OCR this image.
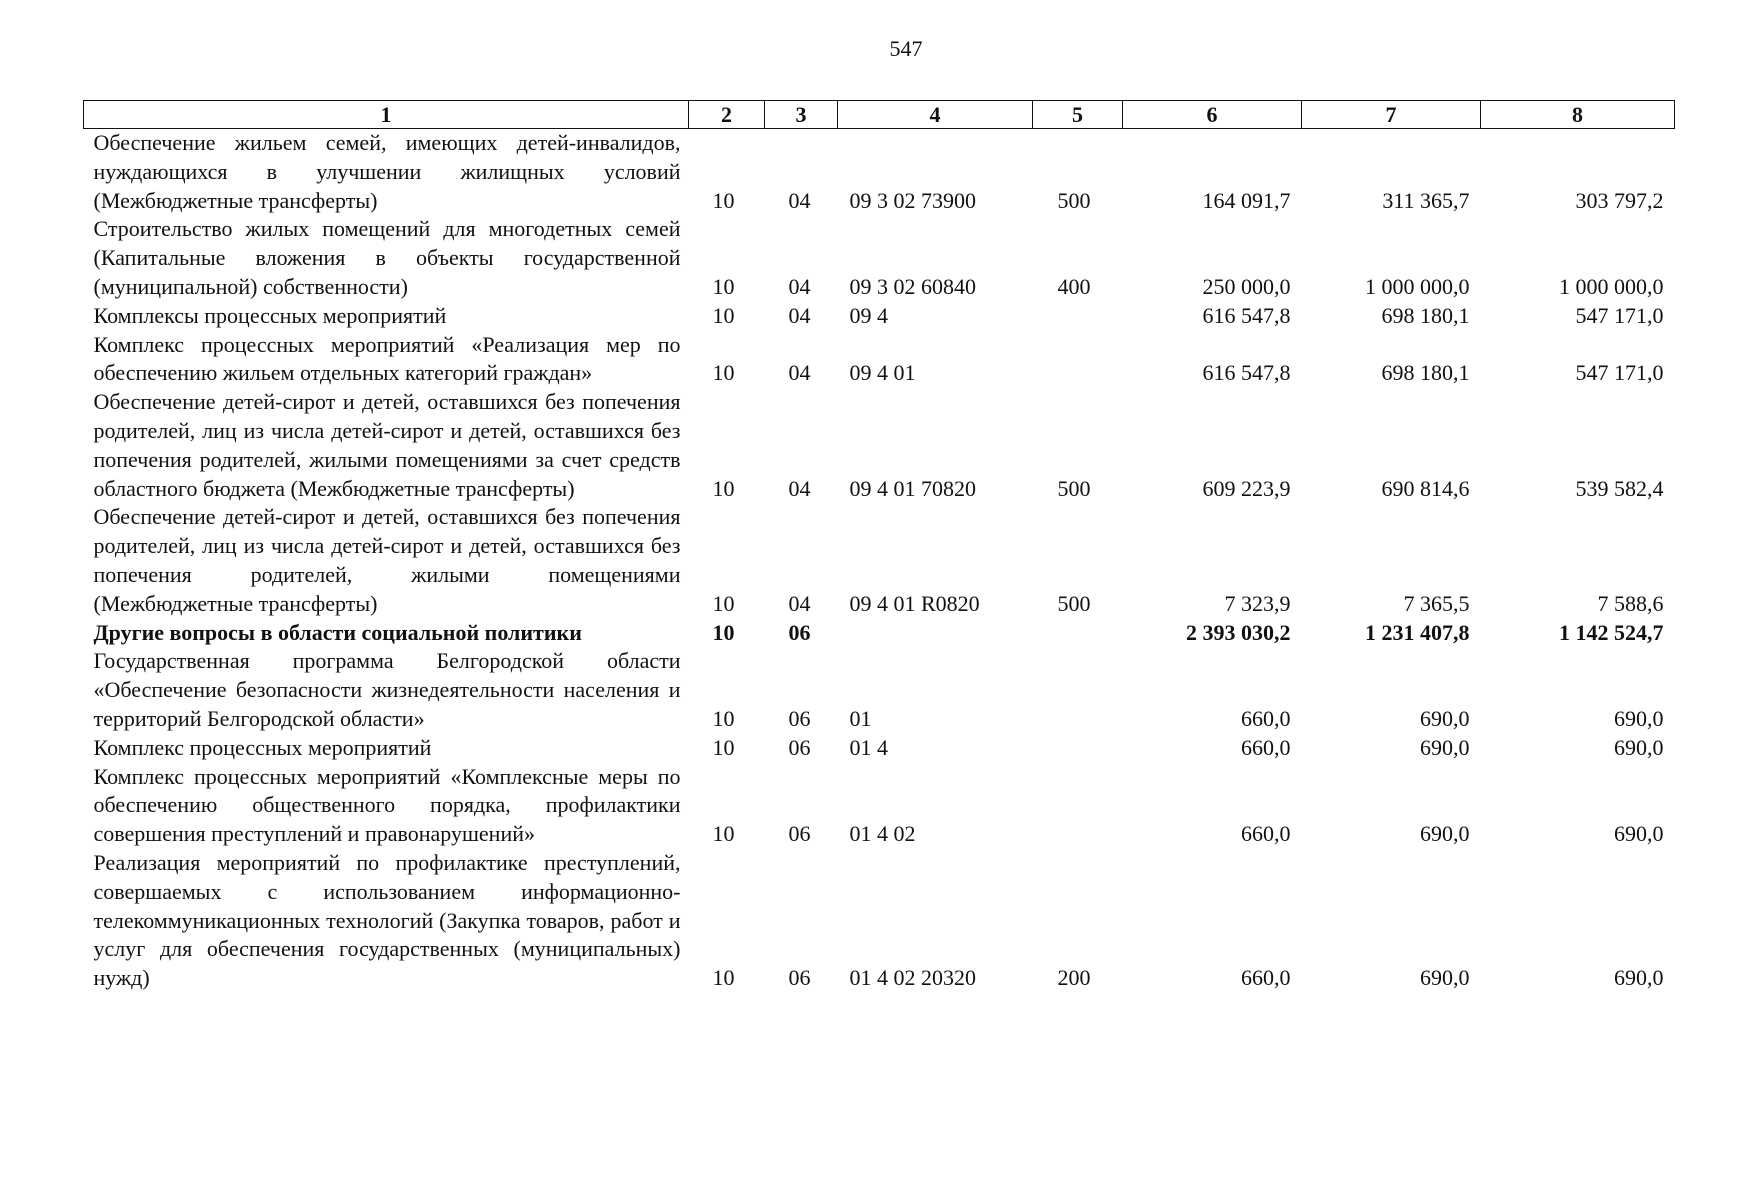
547
1	2	3	4	5	6	7	8
Обеспечение жильем семей, имеющих детей-инвалидов, нуждающихся в улучшении жилищных условий (Межбюджетные трансферты)	10	04	09 3 02 73900	500	164 091,7	311 365,7	303 797,2
Строительство жилых помещений для многодетных семей (Капитальные вложения в объекты государственной (муниципальной) собственности)	10	04	09 3 02 60840	400	250 000,0	1 000 000,0	1 000 000,0
Комплексы процессных мероприятий	10	04	09 4		616 547,8	698 180,1	547 171,0
Комплекс процессных мероприятий «Реализация мер по обеспечению жильем отдельных категорий граждан»	10	04	09 4 01		616 547,8	698 180,1	547 171,0
Обеспечение детей-сирот и детей, оставшихся без попечения родителей, лиц из числа детей-сирот и детей, оставшихся без попечения родителей, жилыми помещениями за счет средств областного бюджета (Межбюджетные трансферты)	10	04	09 4 01 70820	500	609 223,9	690 814,6	539 582,4
Обеспечение детей-сирот и детей, оставшихся без попечения родителей, лиц из числа детей-сирот и детей, оставшихся без попечения родителей, жилыми помещениями (Межбюджетные трансферты)	10	04	09 4 01 R0820	500	7 323,9	7 365,5	7 588,6
Другие вопросы в области социальной политики	10	06			2 393 030,2	1 231 407,8	1 142 524,7
Государственная программа Белгородской области «Обеспечение безопасности жизнедеятельности населения и территорий Белгородской области»	10	06	01		660,0	690,0	690,0
Комплекс процессных мероприятий	10	06	01 4		660,0	690,0	690,0
Комплекс процессных мероприятий «Комплексные меры по обеспечению общественного порядка, профилактики совершения преступлений и правонарушений»	10	06	01 4 02		660,0	690,0	690,0
Реализация мероприятий по профилактике преступлений, совершаемых с использованием информационно-телекоммуникационных технологий (Закупка товаров, работ и услуг для обеспечения государственных (муниципальных) нужд)	10	06	01 4 02 20320	200	660,0	690,0	690,0
